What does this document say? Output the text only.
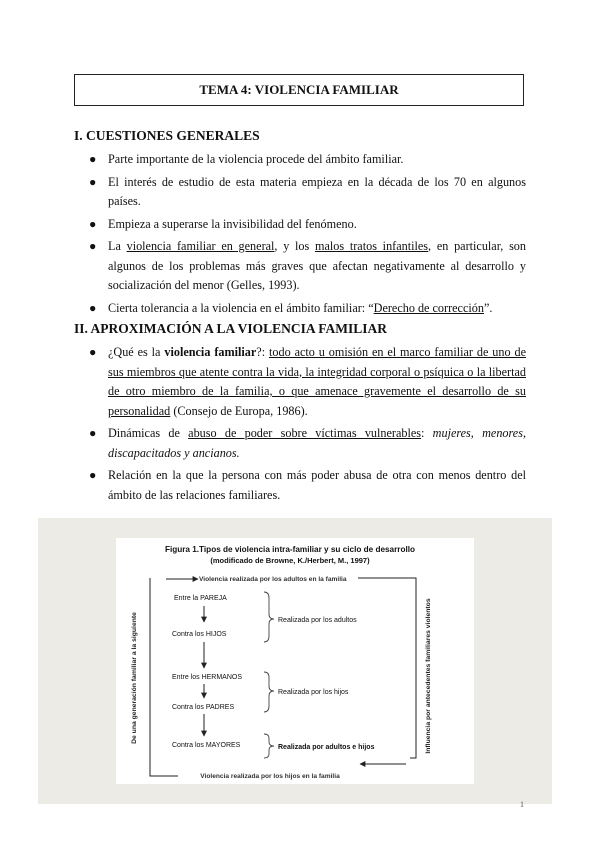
TEMA 4: VIOLENCIA FAMILIAR
I. CUESTIONES GENERALES
● Parte importante de la violencia procede del ámbito familiar.
● El interés de estudio de esta materia empieza en la década de los 70 en algunos países.
● Empieza a superarse la invisibilidad del fenómeno.
● La violencia familiar en general, y los malos tratos infantiles, en particular, son algunos de los problemas más graves que afectan negativamente al desarrollo y socialización del menor (Gelles, 1993).
● Cierta tolerancia a la violencia en el ámbito familiar: “Derecho de corrección”.
II. APROXIMACIÓN A LA VIOLENCIA FAMILIAR
● ¿Qué es la violencia familiar?: todo acto u omisión en el marco familiar de uno de sus miembros que atente contra la vida, la integridad corporal o psíquica o la libertad de otro miembro de la familia, o que amenace gravemente el desarrollo de su personalidad (Consejo de Europa, 1986).
● Dinámicas de abuso de poder sobre víctimas vulnerables: mujeres, menores, discapacitados y ancianos.
● Relación en la que la persona con más poder abusa de otra con menos dentro del ámbito de las relaciones familiares.
Figura 1.Tipos de violencia intra-familiar y su ciclo de desarrollo
(modificado de Browne, K./Herbert, M., 1997)
Violencia realizada por los adultos en la familia
Violencia realizada por los hijos en la familia
De una generación familiar a la siguiente	Influencia por antecedentes familiares violentos
Entre la PAREJA
Contra los HIJOS
Entre los HERMANOS
Contra los PADRES
Contra los MAYORES
Realizada por los adultos
Realizada por los hijos
Realizada por adultos e hijos
1
